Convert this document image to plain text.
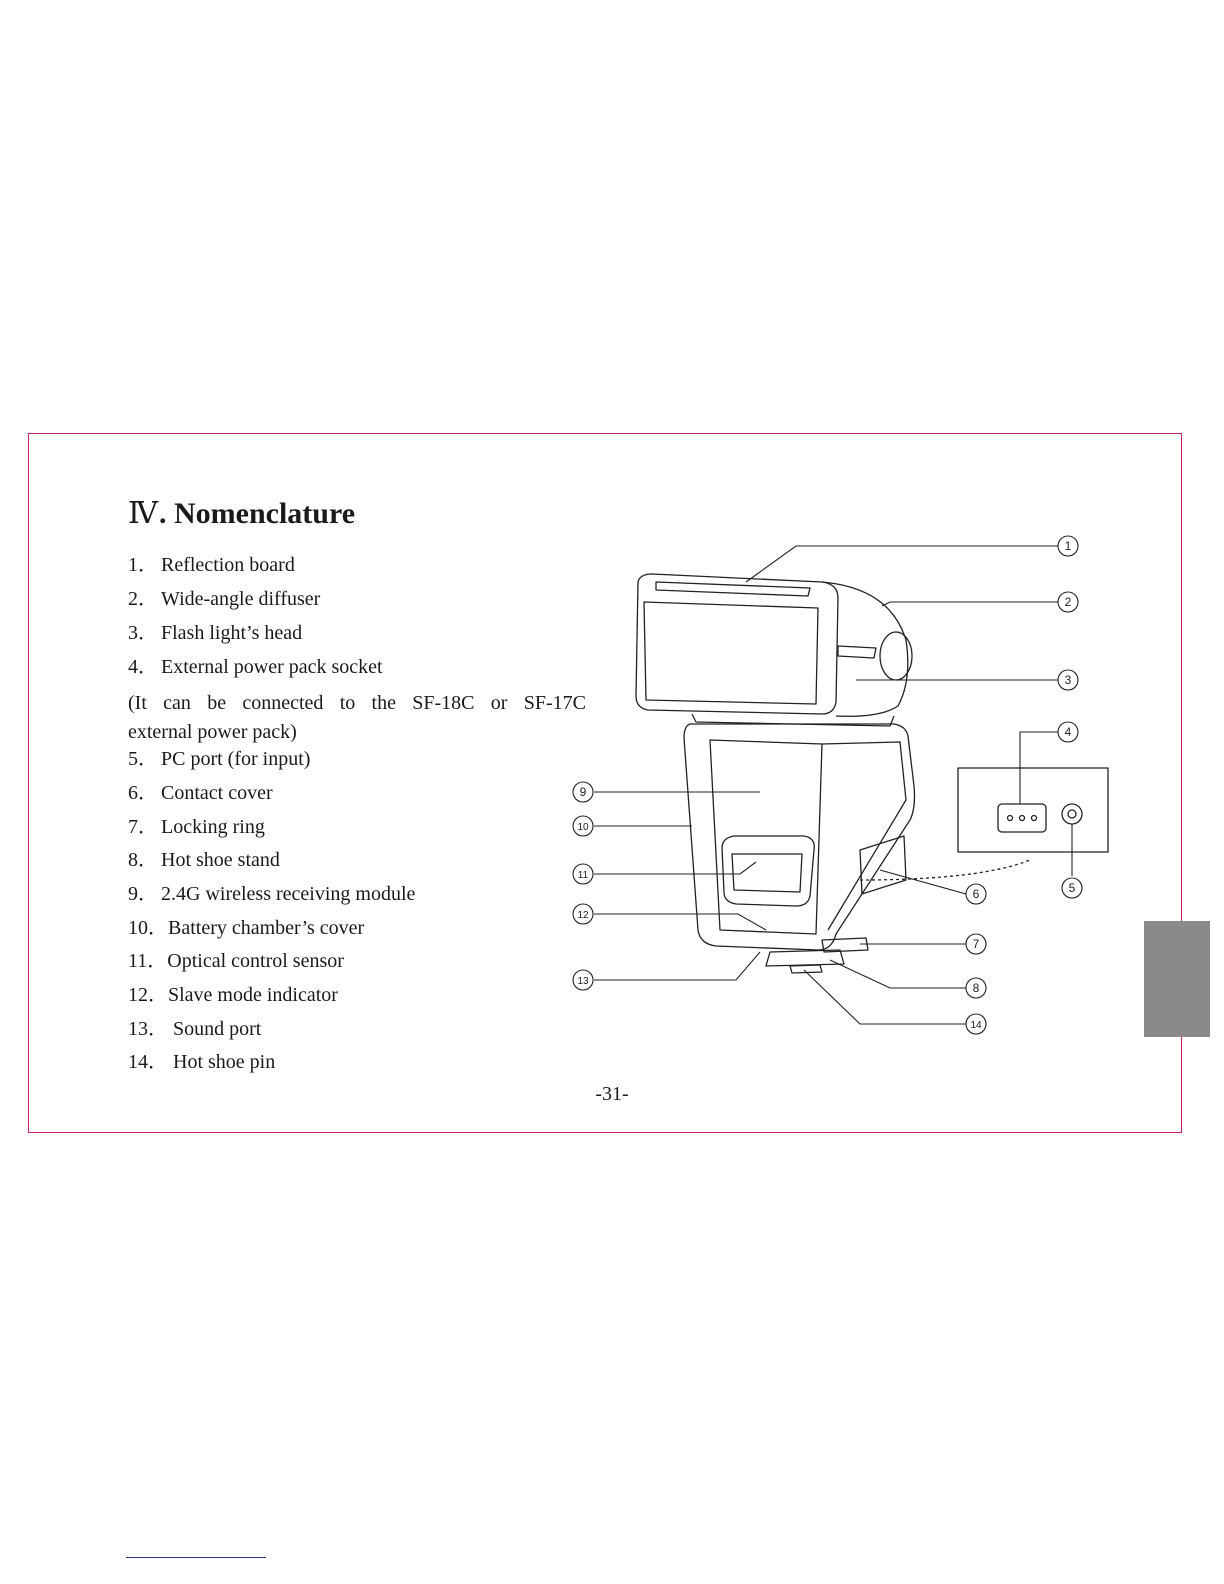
Ⅳ. Nomenclature
1． Reflection board
2． Wide-angle diffuser
3． Flash light’s head
4． External power pack socket
5． PC port (for input)
6． Contact cover
7． Locking ring
8． Hot shoe stand
9． 2.4G wireless receiving module
10．Battery chamber’s cover
11．Optical control sensor
12．Slave mode indicator
13． Sound port
14． Hot shoe pin
(It can be connected to the SF-18C or SF-17C
external power pack)
1
2
3
4
5
6
7
8
9
10
11
12
13
14
-31-
